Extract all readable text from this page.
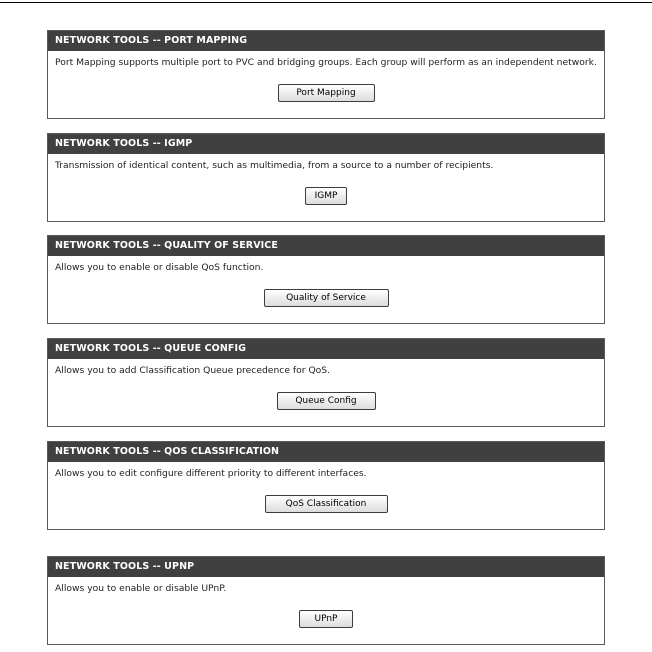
NETWORK TOOLS -- PORT MAPPING
Port Mapping supports multiple port to PVC and bridging groups. Each group will perform as an independent network.
Port Mapping
NETWORK TOOLS -- IGMP
Transmission of identical content, such as multimedia, from a source to a number of recipients.
IGMP
NETWORK TOOLS -- QUALITY OF SERVICE
Allows you to enable or disable QoS function.
Quality of Service
NETWORK TOOLS -- QUEUE CONFIG
Allows you to add Classification Queue precedence for QoS.
Queue Config
NETWORK TOOLS -- QOS CLASSIFICATION
Allows you to edit configure different priority to different interfaces.
QoS Classification
NETWORK TOOLS -- UPNP
Allows you to enable or disable UPnP.
UPnP
